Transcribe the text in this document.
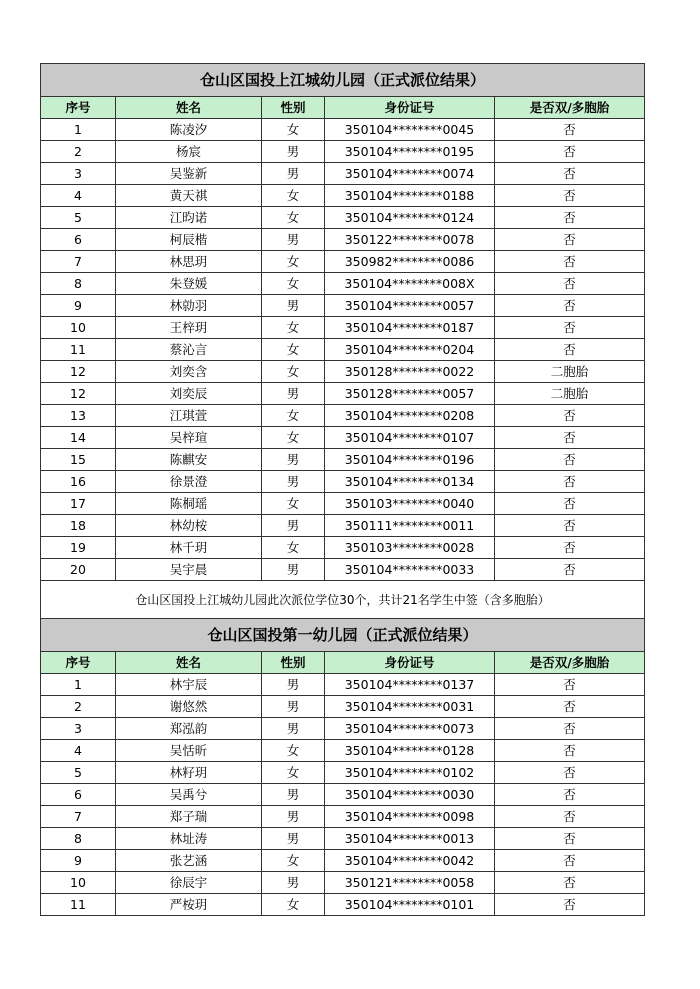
仓山区国投上江城幼儿园（正式派位结果）				
序号	姓名	性别	身份证号	是否双/多胞胎
1	陈凌汐	女	350104********0045	否
2	杨宸	男	350104********0195	否
3	吴鉴新	男	350104********0074	否
4	黄天祺	女	350104********0188	否
5	江昀诺	女	350104********0124	否
6	柯辰楷	男	350122********0078	否
7	林思玥	女	350982********0086	否
8	朱登媛	女	350104********008X	否
9	林勍羽	男	350104********0057	否
10	王梓玥	女	350104********0187	否
11	蔡沁言	女	350104********0204	否
12	刘奕含	女	350128********0022	二胞胎
12	刘奕辰	男	350128********0057	二胞胎
13	江琪萱	女	350104********0208	否
14	吴梓瑄	女	350104********0107	否
15	陈麒安	男	350104********0196	否
16	徐景澄	男	350104********0134	否
17	陈桐瑶	女	350103********0040	否
18	林幼桉	男	350111********0011	否
19	林千玥	女	350103********0028	否
20	吴宇晨	男	350104********0033	否
仓山区国投上江城幼儿园此次派位学位30个，共计21名学生中签（含多胞胎）				
仓山区国投第一幼儿园（正式派位结果）				
序号	姓名	性别	身份证号	是否双/多胞胎
1	林宇辰	男	350104********0137	否
2	谢悠然	男	350104********0031	否
3	郑泓韵	男	350104********0073	否
4	吴恬昕	女	350104********0128	否
5	林籽玥	女	350104********0102	否
6	吴禹兮	男	350104********0030	否
7	郑子瑞	男	350104********0098	否
8	林址涛	男	350104********0013	否
9	张艺涵	女	350104********0042	否
10	徐辰宇	男	350121********0058	否
11	严桉玥	女	350104********0101	否
